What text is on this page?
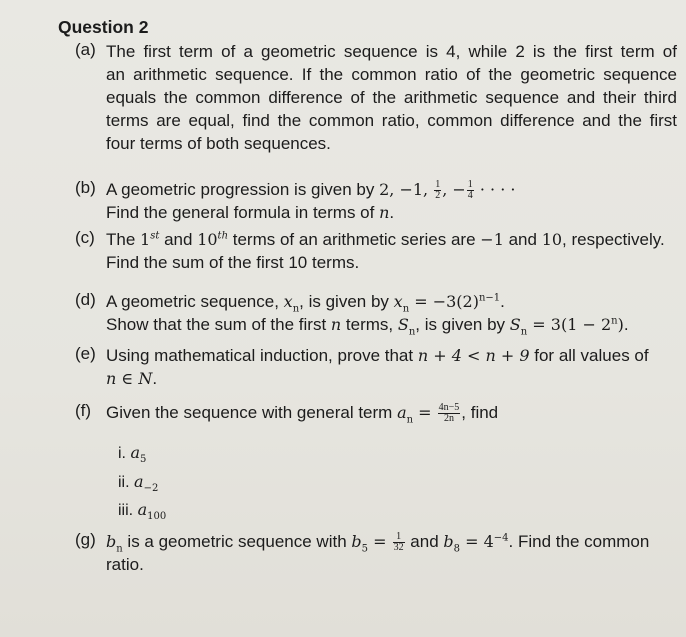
Question 2
(a) The first term of a geometric sequence is 4, while 2 is the first term of
an arithmetic sequence. If the common ratio of the geometric sequence
equals the common difference of the arithmetic sequence and their third
terms are equal, find the common ratio, common difference and the first
four terms of both sequences.
(b) A geometric progression is given by 2, −1, $\frac{1}{2}$ , − $\frac{1}{4}$ · · · ·
Find the general formula in terms of n.
(c) The 1st and 10th terms of an arithmetic series are −1 and 10, respectively.
Find the sum of the first 10 terms.
(d) A geometric sequence, $x_n$, is given by $x_n = -3(2)^{n-1}$.
Show that the sum of the first n terms, $S_n$, is given by $S_n = 3(1 - 2^n)$.
(e) Using mathematical induction, prove that n + 4 < n + 9 for all values of
n ∈ N.
(f) Given the sequence with general term $a_n = \frac{4n-5}{2n}$ , find
(g) $b_n$ is a geometric sequence with $b_5 = \frac{1}{32}$ and $b_8 = 4^{-4}$. Find the common
ratio.
i. $a_5$
ii. $a_{-2}$
iii. $a_{100}$
